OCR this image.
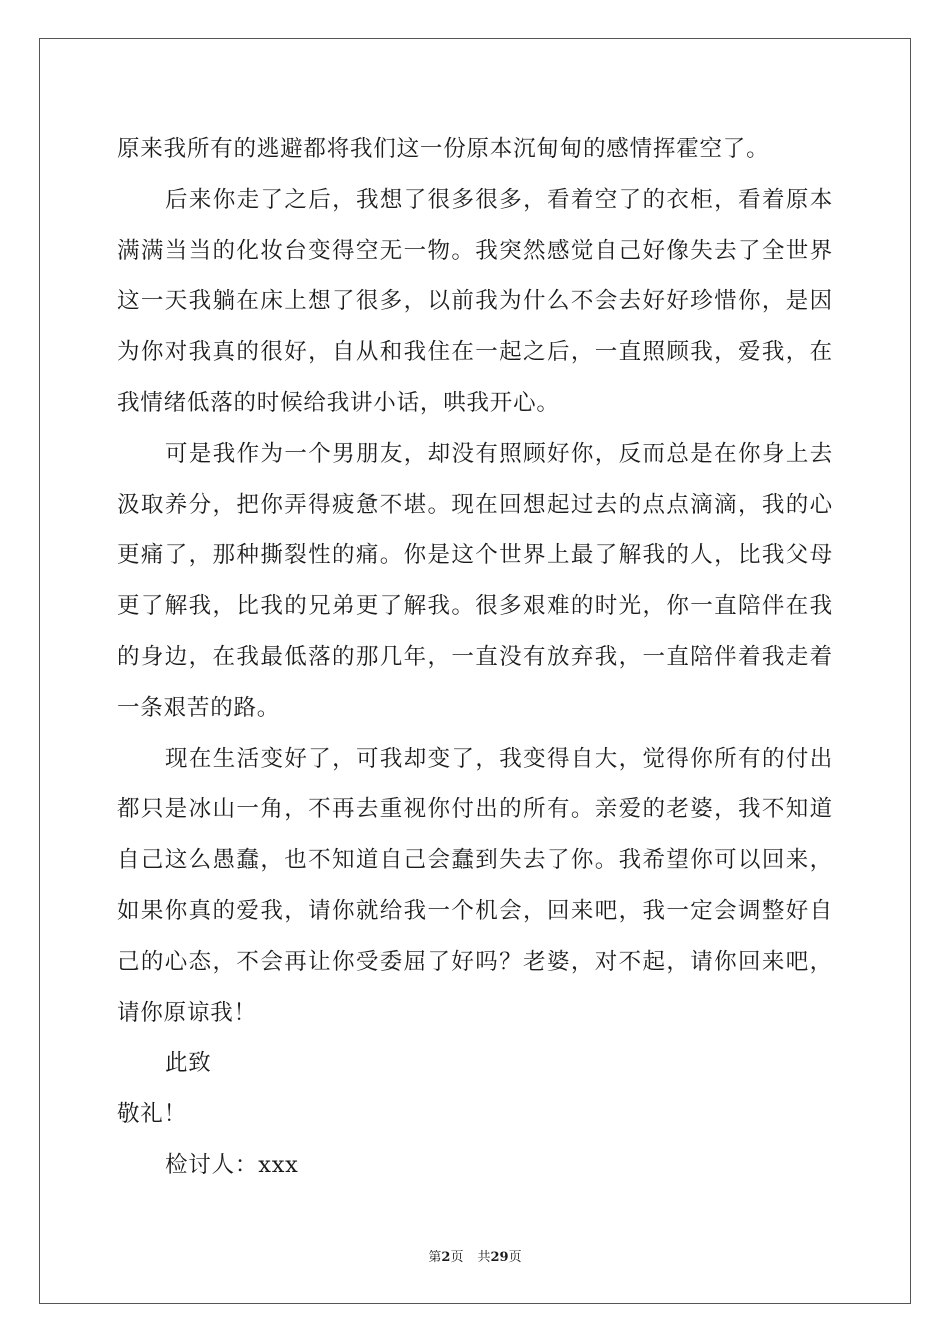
原来我所有的逃避都将我们这一份原本沉甸甸的感情挥霍空了。

后来你走了之后，我想了很多很多，看着空了的衣柜，看着原本满满当当的化妆台变得空无一物。我突然感觉自己好像失去了全世界这一天我躺在床上想了很多，以前我为什么不会去好好珍惜你，是因为你对我真的很好，自从和我住在一起之后，一直照顾我，爱我，在我情绪低落的时候给我讲小话，哄我开心。

可是我作为一个男朋友，却没有照顾好你，反而总是在你身上去汲取养分，把你弄得疲惫不堪。现在回想起过去的点点滴滴，我的心更痛了，那种撕裂性的痛。你是这个世界上最了解我的人，比我父母更了解我，比我的兄弟更了解我。很多艰难的时光，你一直陪伴在我的身边，在我最低落的那几年，一直没有放弃我，一直陪伴着我走着一条艰苦的路。

现在生活变好了，可我却变了，我变得自大，觉得你所有的付出都只是冰山一角，不再去重视你付出的所有。亲爱的老婆，我不知道自己这么愚蠢，也不知道自己会蠢到失去了你。我希望你可以回来，如果你真的爱我，请你就给我一个机会，回来吧，我一定会调整好自己的心态，不会再让你受委屈了好吗？老婆，对不起，请你回来吧，请你原谅我！

此致

敬礼！

检讨人：xxx

第2页 共29页
